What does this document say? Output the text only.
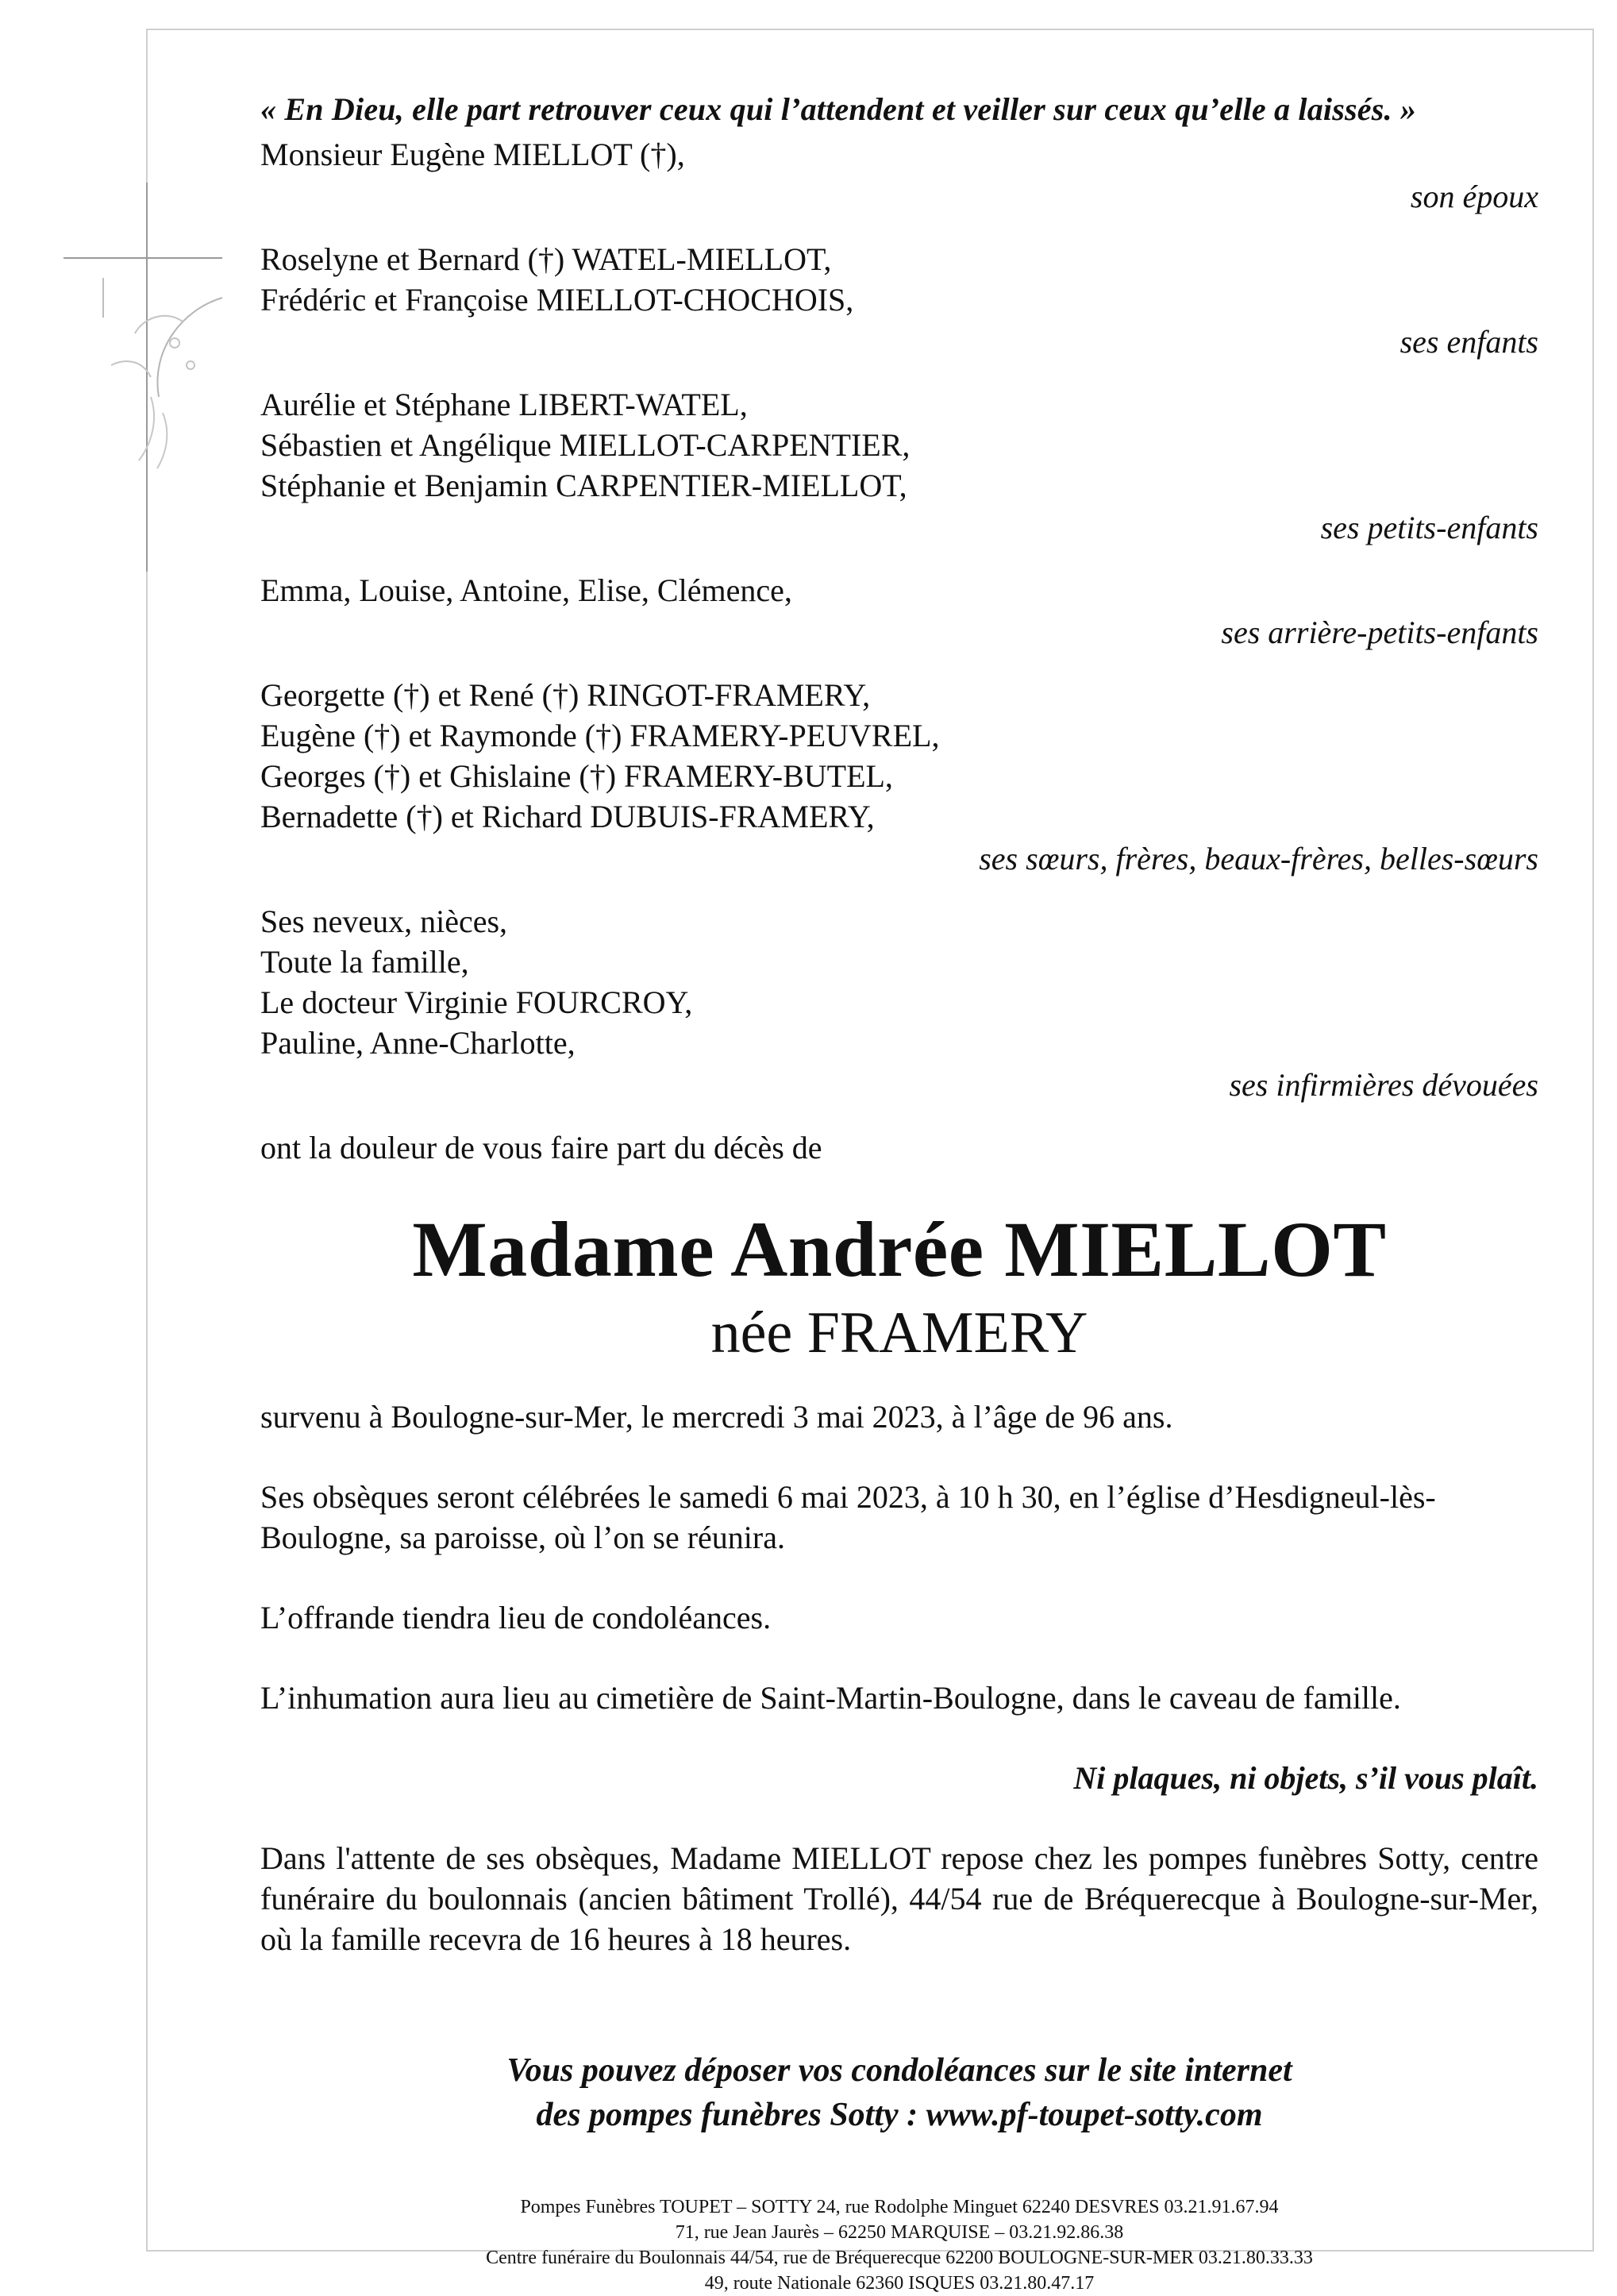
« En Dieu, elle part retrouver ceux qui l’attendent et veiller sur ceux qu’elle a laissés. »
Monsieur Eugène MIELLOT (†),
son époux
Roselyne et Bernard (†) WATEL-MIELLOT,
Frédéric et Françoise MIELLOT-CHOCHOIS,
ses enfants
Aurélie et Stéphane LIBERT-WATEL,
Sébastien et Angélique MIELLOT-CARPENTIER,
Stéphanie et Benjamin CARPENTIER-MIELLOT,
ses petits-enfants
Emma, Louise, Antoine, Elise, Clémence,
ses arrière-petits-enfants
Georgette (†) et René (†) RINGOT-FRAMERY,
Eugène (†) et Raymonde (†) FRAMERY-PEUVREL,
Georges (†) et Ghislaine (†) FRAMERY-BUTEL,
Bernadette (†) et Richard DUBUIS-FRAMERY,
ses sœurs, frères, beaux-frères, belles-sœurs
Ses neveux, nièces,
Toute la famille,
Le docteur Virginie FOURCROY,
Pauline, Anne-Charlotte,
ses infirmières dévouées
ont la douleur de vous faire part du décès de
Madame Andrée MIELLOT
née FRAMERY
survenu à Boulogne-sur-Mer, le mercredi 3 mai 2023, à l’âge de 96 ans.
Ses obsèques seront célébrées le samedi 6 mai 2023, à 10 h 30, en l’église d’Hesdigneul-lès-Boulogne, sa paroisse, où l’on se réunira.
L’offrande tiendra lieu de condoléances.
L’inhumation aura lieu au cimetière de Saint-Martin-Boulogne, dans le caveau de famille.
Ni plaques, ni objets, s’il vous plaît.
Dans l'attente de ses obsèques, Madame MIELLOT repose chez les pompes funèbres Sotty, centre funéraire du boulonnais (ancien bâtiment Trollé), 44/54 rue de Bréquerecque à Boulogne-sur-Mer, où la famille recevra de 16 heures à 18 heures.
Vous pouvez déposer vos condoléances sur le site internet
des pompes funèbres Sotty : www.pf-toupet-sotty.com
Pompes Funèbres TOUPET – SOTTY 24, rue Rodolphe Minguet 62240 DESVRES 03.21.91.67.94
71, rue Jean Jaurès – 62250 MARQUISE – 03.21.92.86.38
Centre funéraire du Boulonnais 44/54, rue de Bréquerecque 62200 BOULOGNE-SUR-MER 03.21.80.33.33
49, route Nationale 62360 ISQUES 03.21.80.47.17
